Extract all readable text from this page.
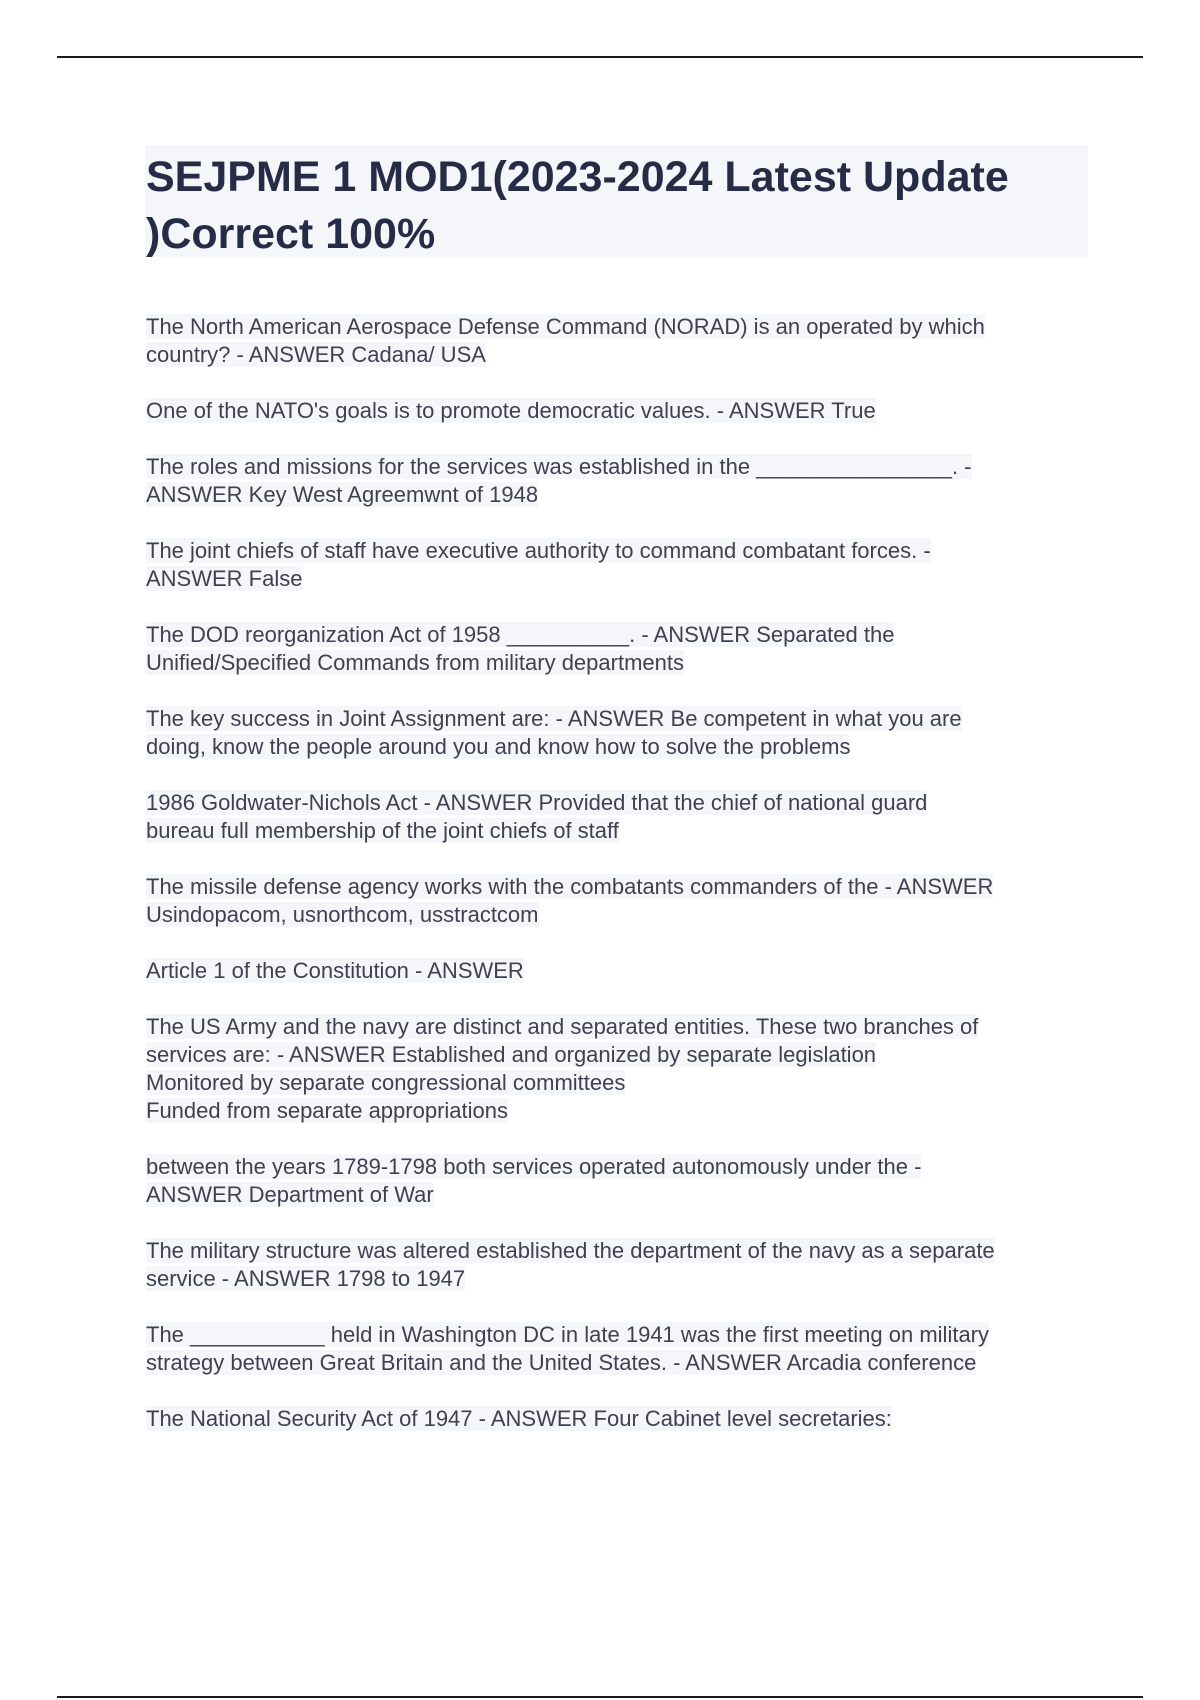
SEJPME 1 MOD1(2023-2024 Latest Update )Correct 100%
The North American Aerospace Defense Command (NORAD) is an operated by which
country? - ANSWER Cadana/ USA
One of the NATO's goals is to promote democratic values. - ANSWER True
The roles and missions for the services was established in the ________________. -
ANSWER Key West Agreemwnt of 1948
The joint chiefs of staff have executive authority to command combatant forces. -
ANSWER False
The DOD reorganization Act of 1958 __________. - ANSWER Separated the
Unified/Specified Commands from military departments
The key success in Joint Assignment are: - ANSWER Be competent in what you are
doing, know the people around you and know how to solve the problems
1986 Goldwater-Nichols Act - ANSWER Provided that the chief of national guard
bureau full membership of the joint chiefs of staff
The missile defense agency works with the combatants commanders of the - ANSWER
Usindopacom, usnorthcom, usstractcom
Article 1 of the Constitution - ANSWER
The US Army and the navy are distinct and separated entities. These two branches of
services are: - ANSWER Established and organized by separate legislation
Monitored by separate congressional committees
Funded from separate appropriations
between the years 1789-1798 both services operated autonomously under the -
ANSWER Department of War
The military structure was altered established the department of the navy as a separate
service - ANSWER 1798 to 1947
The ___________ held in Washington DC in late 1941 was the first meeting on military
strategy between Great Britain and the United States. - ANSWER Arcadia conference
The National Security Act of 1947 - ANSWER Four Cabinet level secretaries:
